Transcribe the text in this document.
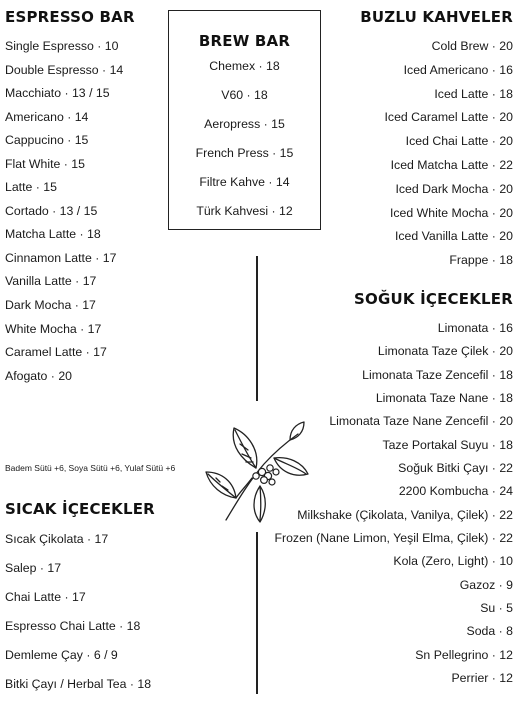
ESPRESSO BAR
Single Espresso · 10
Double Espresso · 14
Macchiato · 13 / 15
Americano · 14
Cappucino · 15
Flat White · 15
Latte · 15
Cortado · 13 / 15
Matcha Latte · 18
Cinnamon Latte · 17
Vanilla Latte · 17
Dark Mocha · 17
White Mocha · 17
Caramel Latte · 17
Afogato · 20
Badem Sütü +6, Soya Sütü +6, Yulaf Sütü +6
BREW BAR
Chemex · 18
V60 · 18
Aeropress · 15
French Press · 15
Filtre Kahve · 14
Türk Kahvesi · 12
BUZLU KAHVELER
Cold Brew · 20
Iced Americano · 16
Iced Latte · 18
Iced Caramel Latte · 20
Iced Chai Latte · 20
Iced Matcha Latte · 22
Iced Dark Mocha · 20
Iced White Mocha · 20
Iced Vanilla Latte · 20
Frappe · 18
SOĞUK İÇECEKLER
Limonata · 16
Limonata Taze Çilek · 20
Limonata Taze Zencefil · 18
Limonata Taze Nane · 18
Limonata Taze Nane Zencefil · 20
Taze Portakal Suyu · 18
Soğuk Bitki Çayı · 22
2200 Kombucha · 24
Milkshake (Çikolata, Vanilya, Çilek) · 22
Frozen (Nane Limon, Yeşil Elma, Çilek) · 22
Kola (Zero, Light) · 10
Gazoz · 9
Su · 5
Soda · 8
Sn Pellegrino · 12
Perrier · 12
SICAK İÇECEKLER
Sıcak Çikolata · 17
Salep · 17
Chai Latte · 17
Espresso Chai Latte · 18
Demleme Çay · 6 / 9
Bitki Çayı / Herbal Tea · 18
